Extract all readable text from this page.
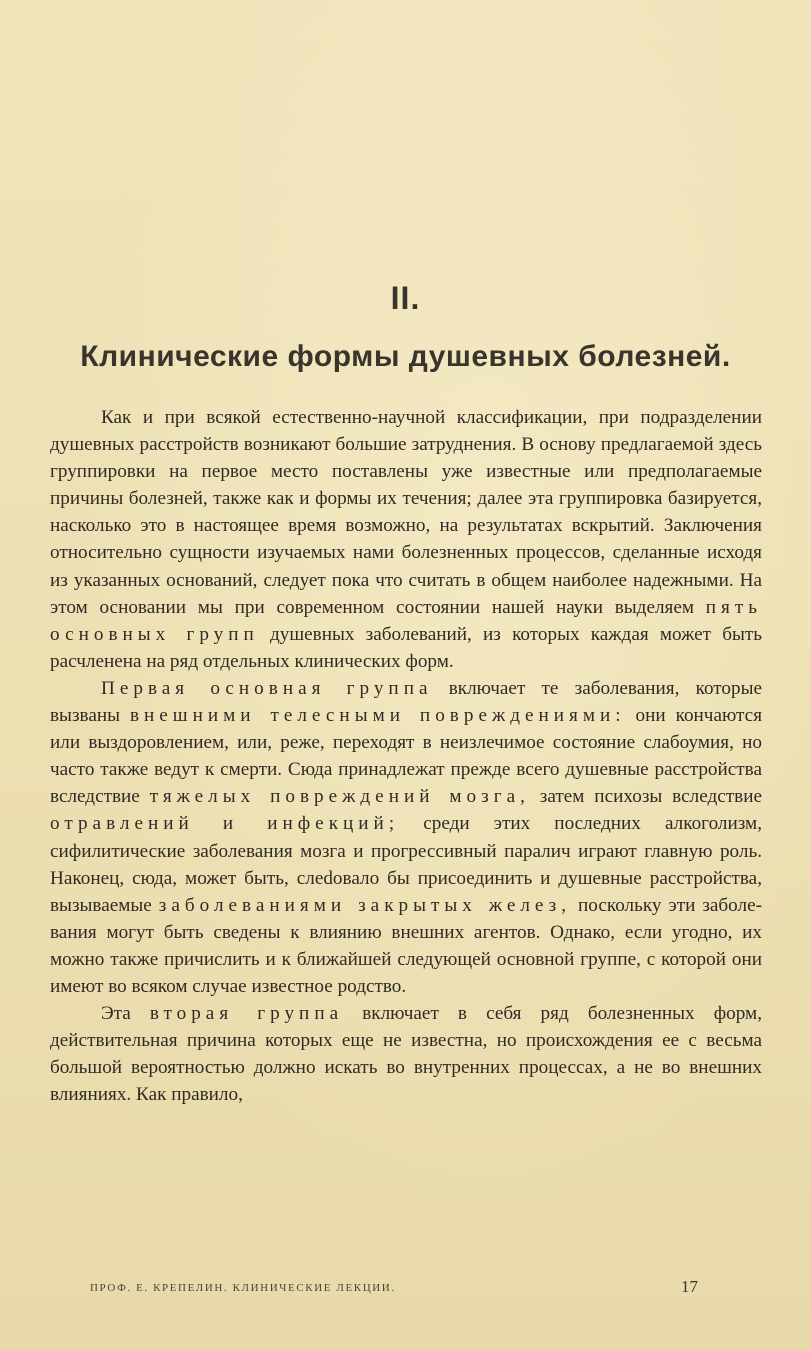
II.
Клинические формы душевных болезней.

Как и при всякой естественно-научной классификации, при подразделении душевных расстройств возникают большие затруднения. В основу предлагаемой здесь группировки на первое место поставлены уже известные или предполагаемые причины болезней, также как и формы их течения; далее эта группировка базируется, насколько это в настоящее время возможно, на результатах вскрытий. Заключения относительно сущности изучаемых нами болезненных процессов, сделанные исходя из указанных оснований, следует пока что считать в общем наиболее надежными. На этом основании мы при современном состоянии нашей науки выделяем пять основных групп душевных заболеваний, из которых каждая может быть расчленена на ряд отдельных клинических форм.

Первая основная группа включает те заболевания, которые вызваны внешними телесными повреждениями: они кончаются или выздоровлением, или, реже, переходят в неизлечимое состояние слабоумия, но часто также ведут к смерти. Сюда принадлежат прежде всего душевные расстройства вследствие тяжелых повреждений мозга, затем психозы вследствие отравлений и инфекций; среди этих последних алкоголизм, сифилитические заболевания мозга и прогрессивный паралич играют главную роль. Наконец, сюда, может быть, слеdовало бы присоединить и душевные расстройства, вызываемые заболеваниями закрытых желез, поскольку эти заболевания могут быть сведены к влиянию внешних агентов. Однако, если угодно, их можно также причислить и к ближайшей следующей основной группе, с которой они имеют во всяком случае известное родство.

Эта вторая группа включает в себя ряд болезненных форм, действительная причина которых еще не известна, но происхождения ее с весьма большой вероятностью должно искать во внутренних процессах, а не во внешних влияниях. Как правило,

ПРОФ. Е. КРЕПЕЛИН. КЛИНИЧЕСКИЕ ЛЕКЦИИ.	17
